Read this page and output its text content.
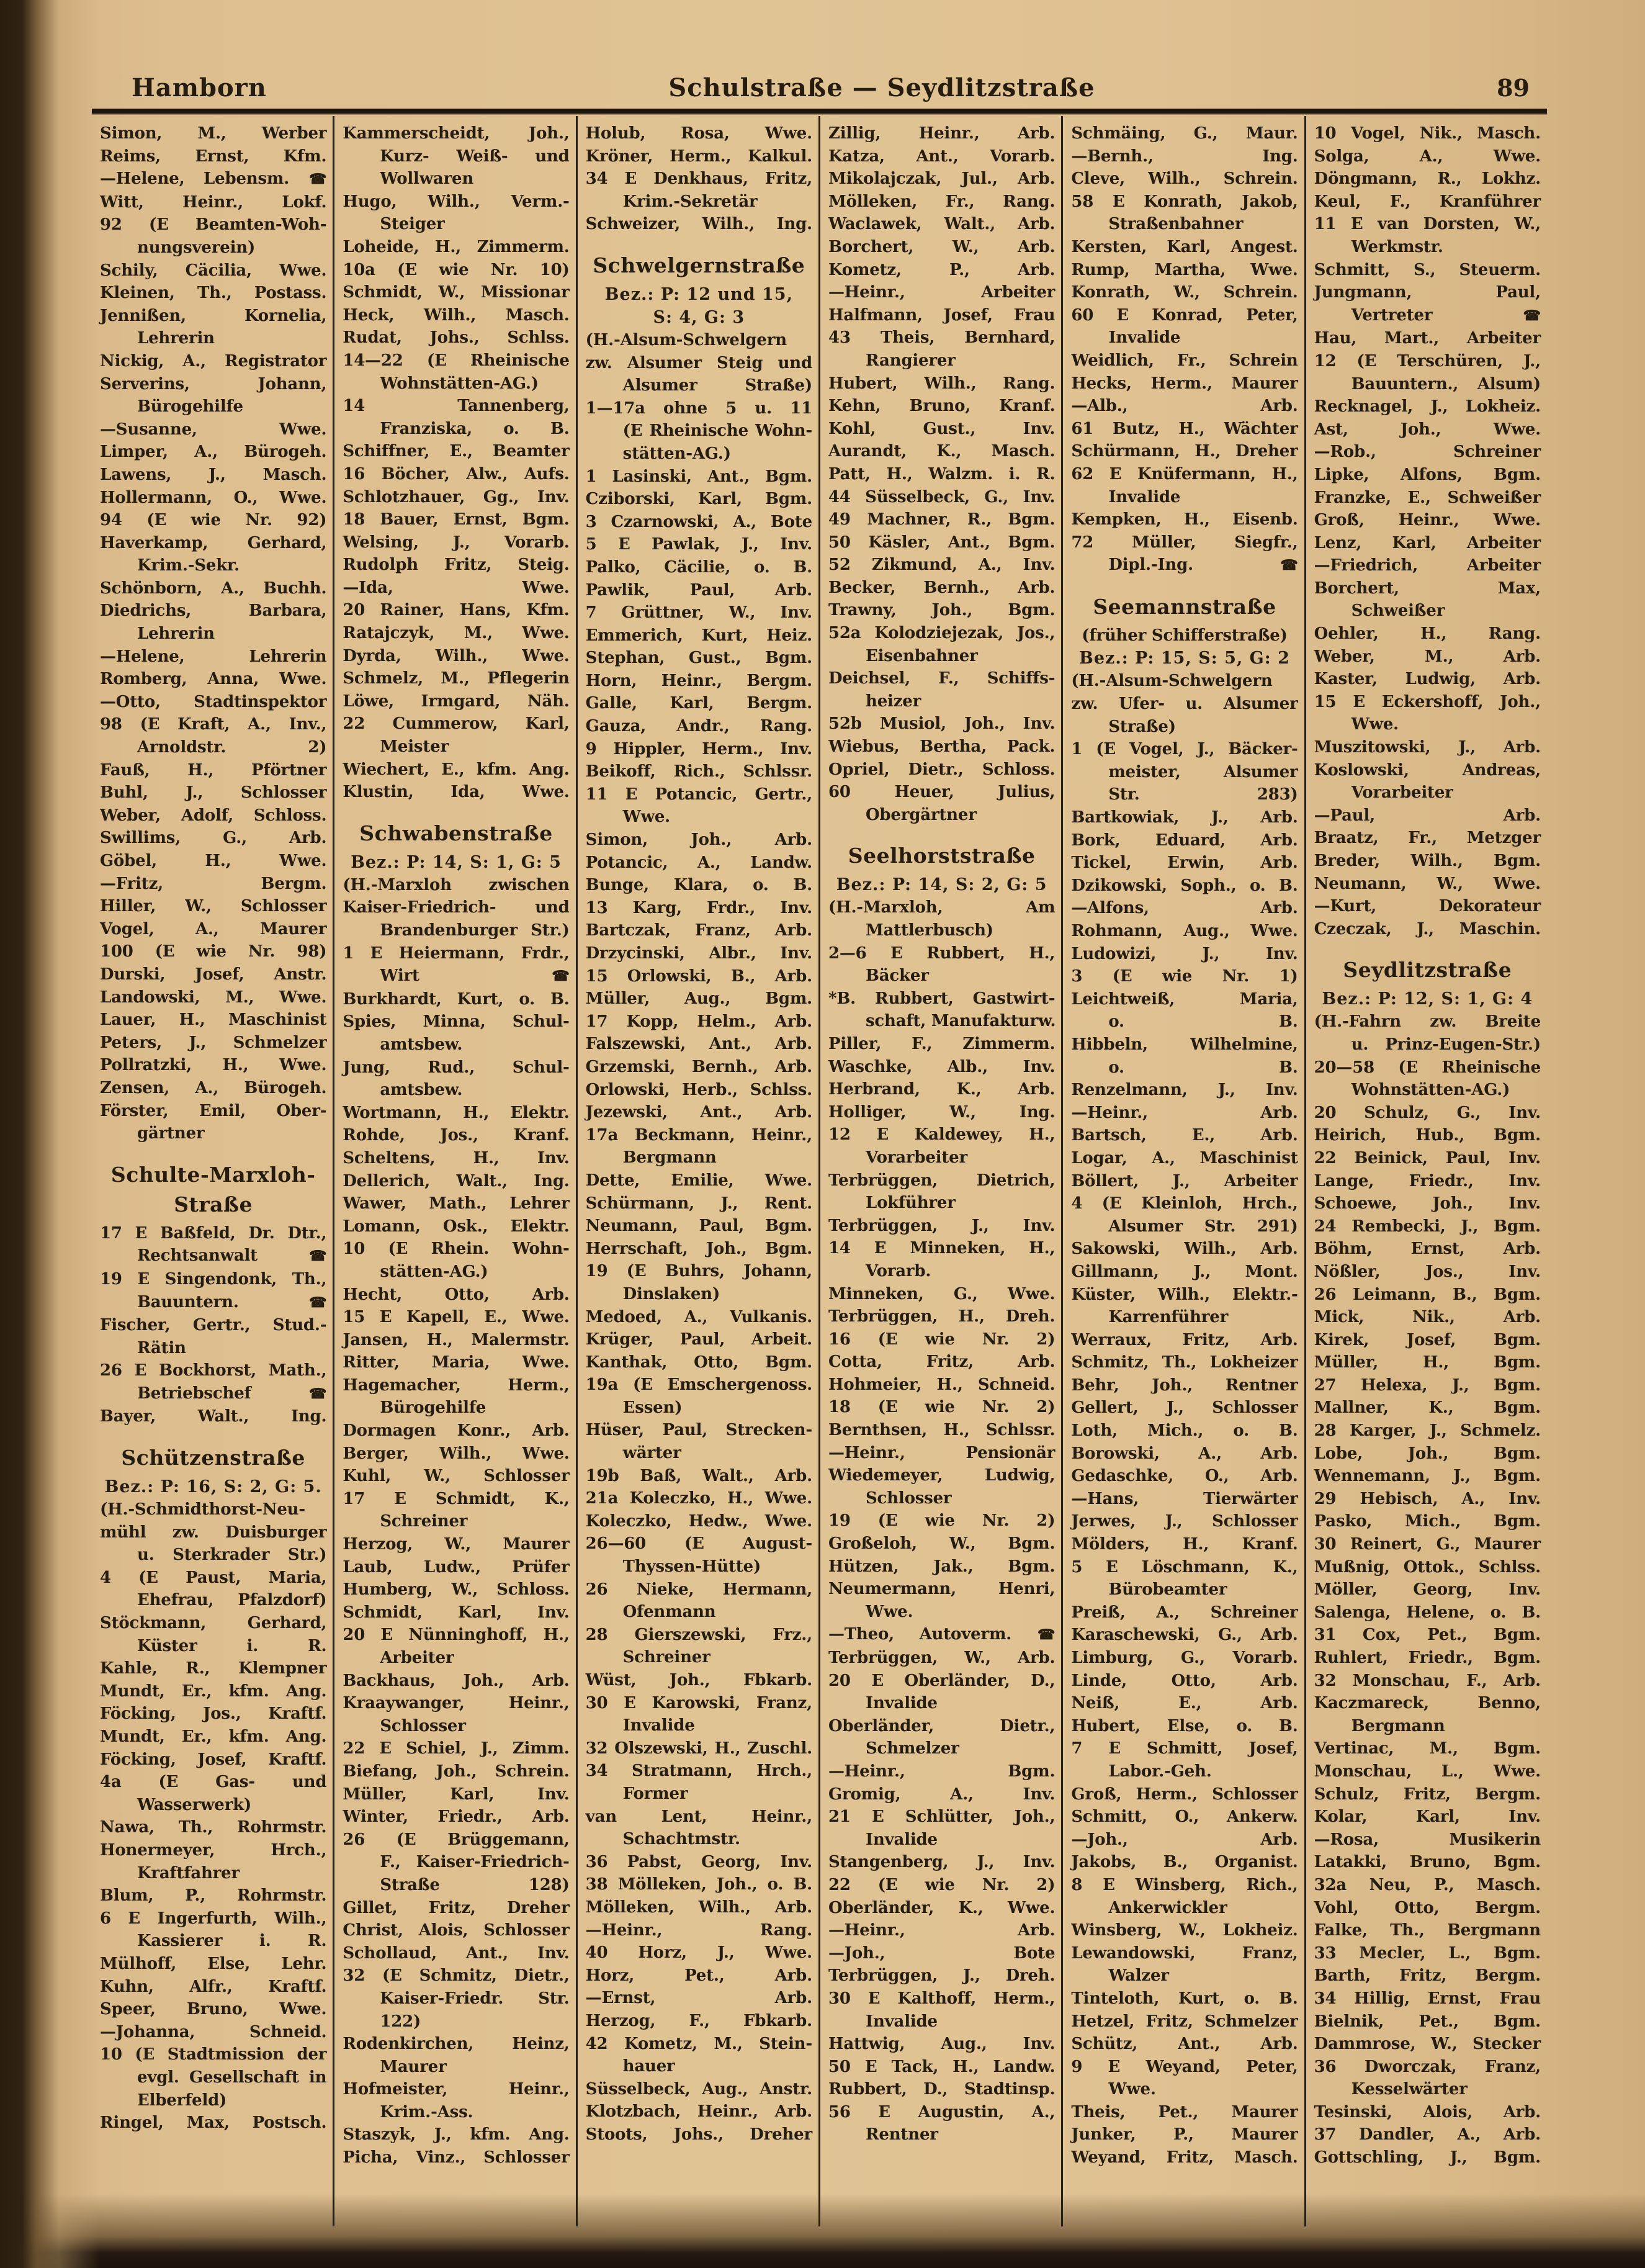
Hamborn	Schulstraße — Seydlitzstraße	89
Simon, M., Werber
Reims, Ernst, Kfm.
—Helene, Lebensm. ☎
Witt, Heinr., Lokf.
92 (E Beamten-Woh-
nungsverein)
Schily, Cäcilia, Wwe.
Kleinen, Th., Postass.
Jennißen, Kornelia,
Lehrerin
Nickig, A., Registrator
Serverins, Johann,
Bürogehilfe
—Susanne, Wwe.
Limper, A., Bürogeh.
Lawens, J., Masch.
Hollermann, O., Wwe.
94 (E wie Nr. 92)
Haverkamp, Gerhard,
Krim.-Sekr.
Schönborn, A., Buchh.
Diedrichs, Barbara,
Lehrerin
—Helene, Lehrerin
Romberg, Anna, Wwe.
—Otto, Stadtinspektor
98 (E Kraft, A., Inv.,
Arnoldstr. 2)
Fauß, H., Pförtner
Buhl, J., Schlosser
Weber, Adolf, Schloss.
Swillims, G., Arb.
Göbel, H., Wwe.
—Fritz, Bergm.
Hiller, W., Schlosser
Vogel, A., Maurer
100 (E wie Nr. 98)
Durski, Josef, Anstr.
Landowski, M., Wwe.
Lauer, H., Maschinist
Peters, J., Schmelzer
Pollratzki, H., Wwe.
Zensen, A., Bürogeh.
Förster, Emil, Ober-
gärtner
Schulte-Marxloh-
Straße
17 E Baßfeld, Dr. Dtr.,
Rechtsanwalt ☎
19 E Singendonk, Th.,
Bauuntern. ☎
Fischer, Gertr., Stud.-
Rätin
26 E Bockhorst, Math.,
Betriebschef ☎
Bayer, Walt., Ing.
Schützenstraße
Bez.: P: 16, S: 2, G: 5.
(H.-Schmidthorst-Neu-
mühl zw. Duisburger
u. Sterkrader Str.)
4 (E Paust, Maria,
Ehefrau, Pfalzdorf)
Stöckmann, Gerhard,
Küster i. R.
Kahle, R., Klempner
Mundt, Er., kfm. Ang.
Föcking, Jos., Kraftf.
Mundt, Er., kfm. Ang.
Föcking, Josef, Kraftf.
4a (E Gas- und
Wasserwerk)
Nawa, Th., Rohrmstr.
Honermeyer, Hrch.,
Kraftfahrer
Blum, P., Rohrmstr.
6 E Ingerfurth, Wilh.,
Kassierer i. R.
Mülhoff, Else, Lehr.
Kuhn, Alfr., Kraftf.
Speer, Bruno, Wwe.
—Johanna, Schneid.
10 (E Stadtmission der
evgl. Gesellschaft in
Elberfeld)
Ringel, Max, Postsch.
Kammerscheidt, Joh.,
Kurz- Weiß- und
Wollwaren
Hugo, Wilh., Verm.-
Steiger
Loheide, H., Zimmerm.
10a (E wie Nr. 10)
Schmidt, W., Missionar
Heck, Wilh., Masch.
Rudat, Johs., Schlss.
14—22 (E Rheinische
Wohnstätten-AG.)
14 Tannenberg,
Franziska, o. B.
Schiffner, E., Beamter
16 Böcher, Alw., Aufs.
Schlotzhauer, Gg., Inv.
18 Bauer, Ernst, Bgm.
Welsing, J., Vorarb.
Rudolph Fritz, Steig.
—Ida, Wwe.
20 Rainer, Hans, Kfm.
Ratajczyk, M., Wwe.
Dyrda, Wilh., Wwe.
Schmelz, M., Pflegerin
Löwe, Irmgard, Näh.
22 Cummerow, Karl,
Meister
Wiechert, E., kfm. Ang.
Klustin, Ida, Wwe.
Schwabenstraße
Bez.: P: 14, S: 1, G: 5
(H.-Marxloh zwischen
Kaiser-Friedrich- und
Brandenburger Str.)
1 E Heiermann, Frdr.,
Wirt ☎
Burkhardt, Kurt, o. B.
Spies, Minna, Schul-
amtsbew.
Jung, Rud., Schul-
amtsbew.
Wortmann, H., Elektr.
Rohde, Jos., Kranf.
Scheltens, H., Inv.
Dellerich, Walt., Ing.
Wawer, Math., Lehrer
Lomann, Osk., Elektr.
10 (E Rhein. Wohn-
stätten-AG.)
Hecht, Otto, Arb.
15 E Kapell, E., Wwe.
Jansen, H., Malermstr.
Ritter, Maria, Wwe.
Hagemacher, Herm.,
Bürogehilfe
Dormagen Konr., Arb.
Berger, Wilh., Wwe.
Kuhl, W., Schlosser
17 E Schmidt, K.,
Schreiner
Herzog, W., Maurer
Laub, Ludw., Prüfer
Humberg, W., Schloss.
Schmidt, Karl, Inv.
20 E Nünninghoff, H.,
Arbeiter
Backhaus, Joh., Arb.
Kraaywanger, Heinr.,
Schlosser
22 E Schiel, J., Zimm.
Biefang, Joh., Schrein.
Müller, Karl, Inv.
Winter, Friedr., Arb.
26 (E Brüggemann,
F., Kaiser-Friedrich-
Straße 128)
Gillet, Fritz, Dreher
Christ, Alois, Schlosser
Schollaud, Ant., Inv.
32 (E Schmitz, Dietr.,
Kaiser-Friedr. Str.
122)
Rodenkirchen, Heinz,
Maurer
Hofmeister, Heinr.,
Krim.-Ass.
Staszyk, J., kfm. Ang.
Picha, Vinz., Schlosser
Holub, Rosa, Wwe.
Kröner, Herm., Kalkul.
34 E Denkhaus, Fritz,
Krim.-Sekretär
Schweizer, Wilh., Ing.
Schwelgernstraße
Bez.: P: 12 und 15,
S: 4, G: 3
(H.-Alsum-Schwelgern
zw. Alsumer Steig und
Alsumer Straße)
1—17a ohne 5 u. 11
(E Rheinische Wohn-
stätten-AG.)
1 Lasinski, Ant., Bgm.
Cziborski, Karl, Bgm.
3 Czarnowski, A., Bote
5 E Pawlak, J., Inv.
Palko, Cäcilie, o. B.
Pawlik, Paul, Arb.
7 Grüttner, W., Inv.
Emmerich, Kurt, Heiz.
Stephan, Gust., Bgm.
Horn, Heinr., Bergm.
Galle, Karl, Bergm.
Gauza, Andr., Rang.
9 Hippler, Herm., Inv.
Beikoff, Rich., Schlssr.
11 E Potancic, Gertr.,
Wwe.
Simon, Joh., Arb.
Potancic, A., Landw.
Bunge, Klara, o. B.
13 Karg, Frdr., Inv.
Bartczak, Franz, Arb.
Drzycinski, Albr., Inv.
15 Orlowski, B., Arb.
Müller, Aug., Bgm.
17 Kopp, Helm., Arb.
Falszewski, Ant., Arb.
Grzemski, Bernh., Arb.
Orlowski, Herb., Schlss.
Jezewski, Ant., Arb.
17a Beckmann, Heinr.,
Bergmann
Dette, Emilie, Wwe.
Schürmann, J., Rent.
Neumann, Paul, Bgm.
Herrschaft, Joh., Bgm.
19 (E Buhrs, Johann,
Dinslaken)
Medoed, A., Vulkanis.
Krüger, Paul, Arbeit.
Kanthak, Otto, Bgm.
19a (E Emschergenoss.
Essen)
Hüser, Paul, Strecken-
wärter
19b Baß, Walt., Arb.
21a Koleczko, H., Wwe.
Koleczko, Hedw., Wwe.
26—60 (E August-
Thyssen-Hütte)
26 Nieke, Hermann,
Ofenmann
28 Gierszewski, Frz.,
Schreiner
Wüst, Joh., Fbkarb.
30 E Karowski, Franz,
Invalide
32 Olszewski, H., Zuschl.
34 Stratmann, Hrch.,
Former
van Lent, Heinr.,
Schachtmstr.
36 Pabst, Georg, Inv.
38 Mölleken, Joh., o. B.
Mölleken, Wilh., Arb.
—Heinr., Rang.
40 Horz, J., Wwe.
Horz, Pet., Arb.
—Ernst, Arb.
Herzog, F., Fbkarb.
42 Kometz, M., Stein-
hauer
Süsselbeck, Aug., Anstr.
Klotzbach, Heinr., Arb.
Stoots, Johs., Dreher
Zillig, Heinr., Arb.
Katza, Ant., Vorarb.
Mikolajczak, Jul., Arb.
Mölleken, Fr., Rang.
Waclawek, Walt., Arb.
Borchert, W., Arb.
Kometz, P., Arb.
—Heinr., Arbeiter
Halfmann, Josef, Frau
43 Theis, Bernhard,
Rangierer
Hubert, Wilh., Rang.
Kehn, Bruno, Kranf.
Kohl, Gust., Inv.
Aurandt, K., Masch.
Patt, H., Walzm. i. R.
44 Süsselbeck, G., Inv.
49 Machner, R., Bgm.
50 Käsler, Ant., Bgm.
52 Zikmund, A., Inv.
Becker, Bernh., Arb.
Trawny, Joh., Bgm.
52a Kolodziejezak, Jos.,
Eisenbahner
Deichsel, F., Schiffs-
heizer
52b Musiol, Joh., Inv.
Wiebus, Bertha, Pack.
Opriel, Dietr., Schloss.
60 Heuer, Julius,
Obergärtner
Seelhorststraße
Bez.: P: 14, S: 2, G: 5
(H.-Marxloh, Am
Mattlerbusch)
2—6 E Rubbert, H.,
Bäcker
*B. Rubbert, Gastwirt-
schaft, Manufakturw.
Piller, F., Zimmerm.
Waschke, Alb., Inv.
Herbrand, K., Arb.
Holliger, W., Ing.
12 E Kaldewey, H.,
Vorarbeiter
Terbrüggen, Dietrich,
Lokführer
Terbrüggen, J., Inv.
14 E Minneken, H.,
Vorarb.
Minneken, G., Wwe.
Terbrüggen, H., Dreh.
16 (E wie Nr. 2)
Cotta, Fritz, Arb.
Hohmeier, H., Schneid.
18 (E wie Nr. 2)
Bernthsen, H., Schlssr.
—Heinr., Pensionär
Wiedemeyer, Ludwig,
Schlosser
19 (E wie Nr. 2)
Großeloh, W., Bgm.
Hützen, Jak., Bgm.
Neumermann, Henri,
Wwe.
—Theo, Autoverm. ☎
Terbrüggen, W., Arb.
20 E Oberländer, D.,
Invalide
Oberländer, Dietr.,
Schmelzer
—Heinr., Bgm.
Gromig, A., Inv.
21 E Schlütter, Joh.,
Invalide
Stangenberg, J., Inv.
22 (E wie Nr. 2)
Oberländer, K., Wwe.
—Heinr., Arb.
—Joh., Bote
Terbrüggen, J., Dreh.
30 E Kalthoff, Herm.,
Invalide
Hattwig, Aug., Inv.
50 E Tack, H., Landw.
Rubbert, D., Stadtinsp.
56 E Augustin, A.,
Rentner
Schmäing, G., Maur.
—Bernh., Ing.
Cleve, Wilh., Schrein.
58 E Konrath, Jakob,
Straßenbahner
Kersten, Karl, Angest.
Rump, Martha, Wwe.
Konrath, W., Schrein.
60 E Konrad, Peter,
Invalide
Weidlich, Fr., Schrein
Hecks, Herm., Maurer
—Alb., Arb.
61 Butz, H., Wächter
Schürmann, H., Dreher
62 E Knüfermann, H.,
Invalide
Kempken, H., Eisenb.
72 Müller, Siegfr.,
Dipl.-Ing. ☎
Seemannstraße
(früher Schifferstraße)
Bez.: P: 15, S: 5, G: 2
(H.-Alsum-Schwelgern
zw. Ufer- u. Alsumer
Straße)
1 (E Vogel, J., Bäcker-
meister, Alsumer
Str. 283)
Bartkowiak, J., Arb.
Bork, Eduard, Arb.
Tickel, Erwin, Arb.
Dzikowski, Soph., o. B.
—Alfons, Arb.
Rohmann, Aug., Wwe.
Ludowizi, J., Inv.
3 (E wie Nr. 1)
Leichtweiß, Maria,
o. B.
Hibbeln, Wilhelmine,
o. B.
Renzelmann, J., Inv.
—Heinr., Arb.
Bartsch, E., Arb.
Logar, A., Maschinist
Böllert, J., Arbeiter
4 (E Kleinloh, Hrch.,
Alsumer Str. 291)
Sakowski, Wilh., Arb.
Gillmann, J., Mont.
Küster, Wilh., Elektr.-
Karrenführer
Werraux, Fritz, Arb.
Schmitz, Th., Lokheizer
Behr, Joh., Rentner
Gellert, J., Schlosser
Loth, Mich., o. B.
Borowski, A., Arb.
Gedaschke, O., Arb.
—Hans, Tierwärter
Jerwes, J., Schlosser
Mölders, H., Kranf.
5 E Löschmann, K.,
Bürobeamter
Preiß, A., Schreiner
Karaschewski, G., Arb.
Limburg, G., Vorarb.
Linde, Otto, Arb.
Neiß, E., Arb.
Hubert, Else, o. B.
7 E Schmitt, Josef,
Labor.-Geh.
Groß, Herm., Schlosser
Schmitt, O., Ankerw.
—Joh., Arb.
Jakobs, B., Organist.
8 E Winsberg, Rich.,
Ankerwickler
Winsberg, W., Lokheiz.
Lewandowski, Franz,
Walzer
Tinteloth, Kurt, o. B.
Hetzel, Fritz, Schmelzer
Schütz, Ant., Arb.
9 E Weyand, Peter,
Wwe.
Theis, Pet., Maurer
Junker, P., Maurer
Weyand, Fritz, Masch.
10 Vogel, Nik., Masch.
Solga, A., Wwe.
Döngmann, R., Lokhz.
Keul, F., Kranführer
11 E van Dorsten, W.,
Werkmstr.
Schmitt, S., Steuerm.
Jungmann, Paul,
Vertreter ☎
Hau, Mart., Arbeiter
12 (E Terschüren, J.,
Bauuntern., Alsum)
Recknagel, J., Lokheiz.
Ast, Joh., Wwe.
—Rob., Schreiner
Lipke, Alfons, Bgm.
Franzke, E., Schweißer
Groß, Heinr., Wwe.
Lenz, Karl, Arbeiter
—Friedrich, Arbeiter
Borchert, Max,
Schweißer
Oehler, H., Rang.
Weber, M., Arb.
Kaster, Ludwig, Arb.
15 E Eckershoff, Joh.,
Wwe.
Muszitowski, J., Arb.
Koslowski, Andreas,
Vorarbeiter
—Paul, Arb.
Braatz, Fr., Metzger
Breder, Wilh., Bgm.
Neumann, W., Wwe.
—Kurt, Dekorateur
Czeczak, J., Maschin.
Seydlitzstraße
Bez.: P: 12, S: 1, G: 4
(H.-Fahrn zw. Breite
u. Prinz-Eugen-Str.)
20—58 (E Rheinische
Wohnstätten-AG.)
20 Schulz, G., Inv.
Heirich, Hub., Bgm.
22 Beinick, Paul, Inv.
Lange, Friedr., Inv.
Schoewe, Joh., Inv.
24 Rembecki, J., Bgm.
Böhm, Ernst, Arb.
Nößler, Jos., Inv.
26 Leimann, B., Bgm.
Mick, Nik., Arb.
Kirek, Josef, Bgm.
Müller, H., Bgm.
27 Helexa, J., Bgm.
Mallner, K., Bgm.
28 Karger, J., Schmelz.
Lobe, Joh., Bgm.
Wennemann, J., Bgm.
29 Hebisch, A., Inv.
Pasko, Mich., Bgm.
30 Reinert, G., Maurer
Mußnig, Ottok., Schlss.
Möller, Georg, Inv.
Salenga, Helene, o. B.
31 Cox, Pet., Bgm.
Ruhlert, Friedr., Bgm.
32 Monschau, F., Arb.
Kaczmareck, Benno,
Bergmann
Vertinac, M., Bgm.
Monschau, L., Wwe.
Schulz, Fritz, Bergm.
Kolar, Karl, Inv.
—Rosa, Musikerin
Latakki, Bruno, Bgm.
32a Neu, P., Masch.
Vohl, Otto, Bergm.
Falke, Th., Bergmann
33 Mecler, L., Bgm.
Barth, Fritz, Bergm.
34 Hillig, Ernst, Frau
Bielnik, Pet., Bgm.
Dammrose, W., Stecker
36 Dworczak, Franz,
Kesselwärter
Tesinski, Alois, Arb.
37 Dandler, A., Arb.
Gottschling, J., Bgm.
